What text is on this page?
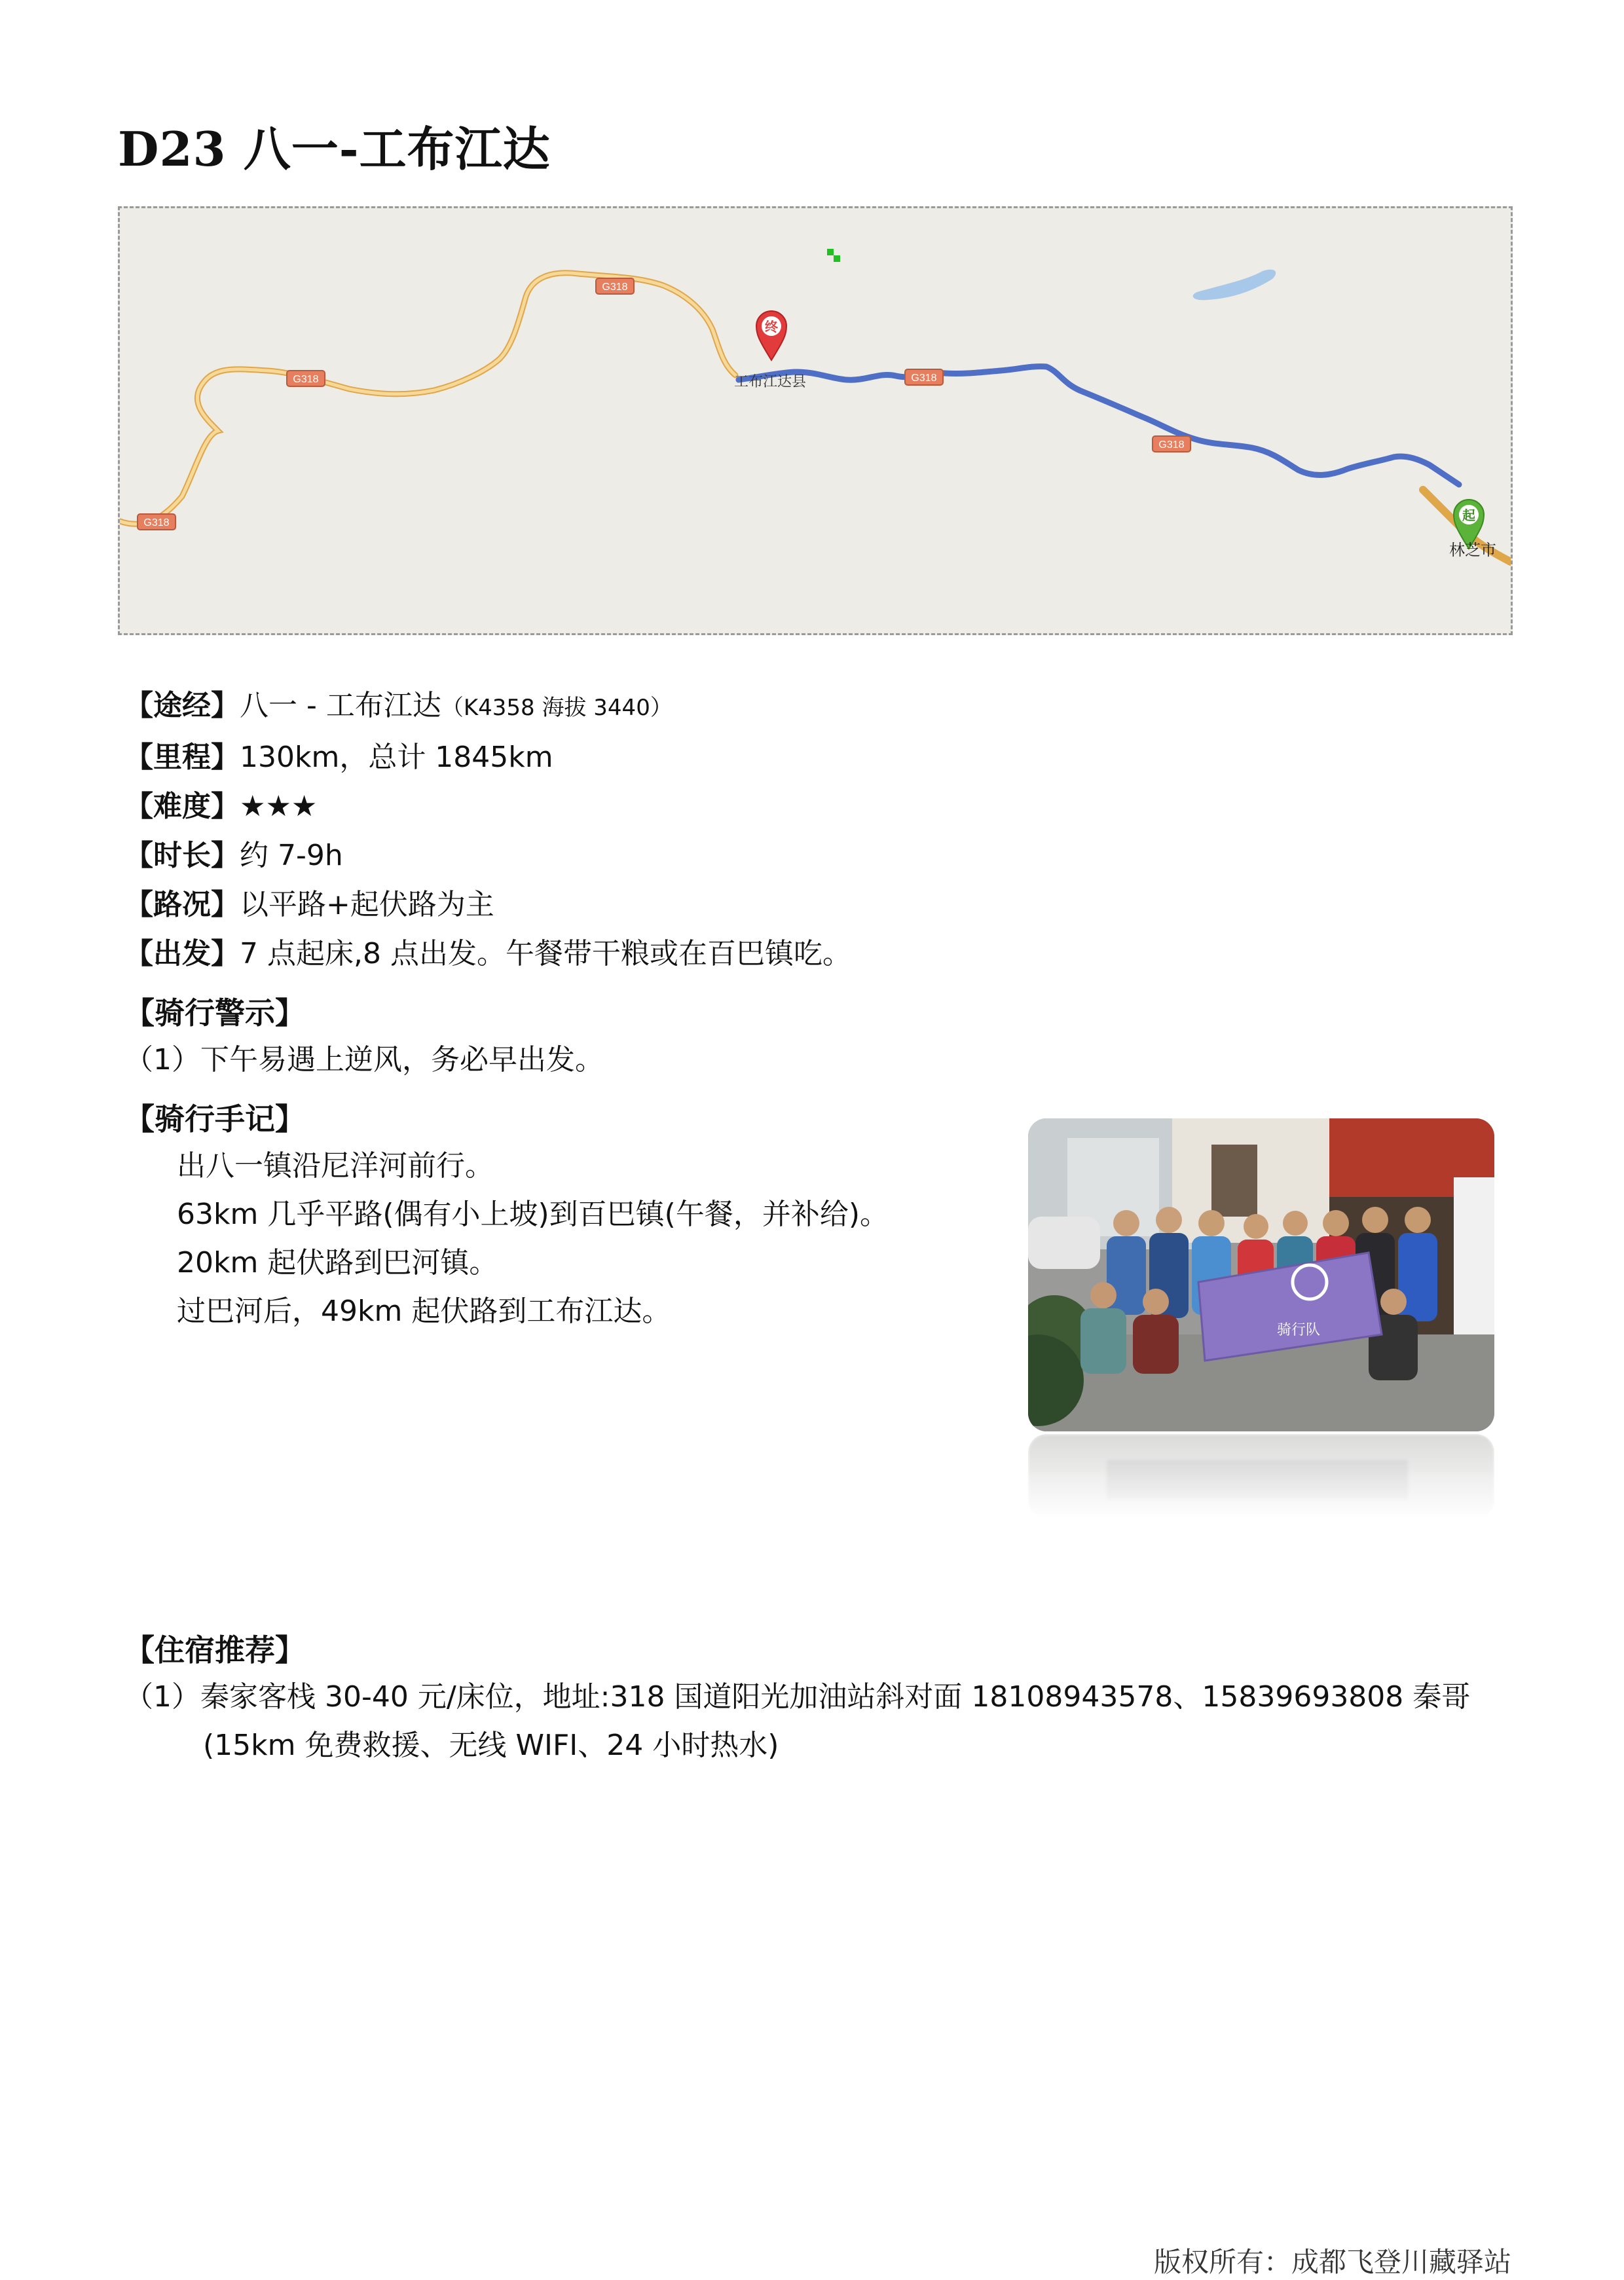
D23 八一-工布江达
G318
G318
G318
G318
G318
终
工布江达县
起
林芝市
【途经】八一 - 工布江达（K4358 海拔 3440）
【里程】130km，总计 1845km
【难度】★★★
【时长】约 7-9h
【路况】以平路+起伏路为主
【出发】7 点起床,8 点出发。午餐带干粮或在百巴镇吃。
【骑行警示】
（1）下午易遇上逆风，务必早出发。
【骑行手记】
出八一镇沿尼洋河前行。
63km 几乎平路(偶有小上坡)到百巴镇(午餐，并补给)。
20km 起伏路到巴河镇。
过巴河后，49km 起伏路到工布江达。
骑行队
【住宿推荐】
（1）秦家客栈 30-40 元/床位，地址:318 国道阳光加油站斜对面 18108943578、15839693808 秦哥
(15km 免费救援、无线 WIFI、24 小时热水)
版权所有：成都飞登川藏驿站
